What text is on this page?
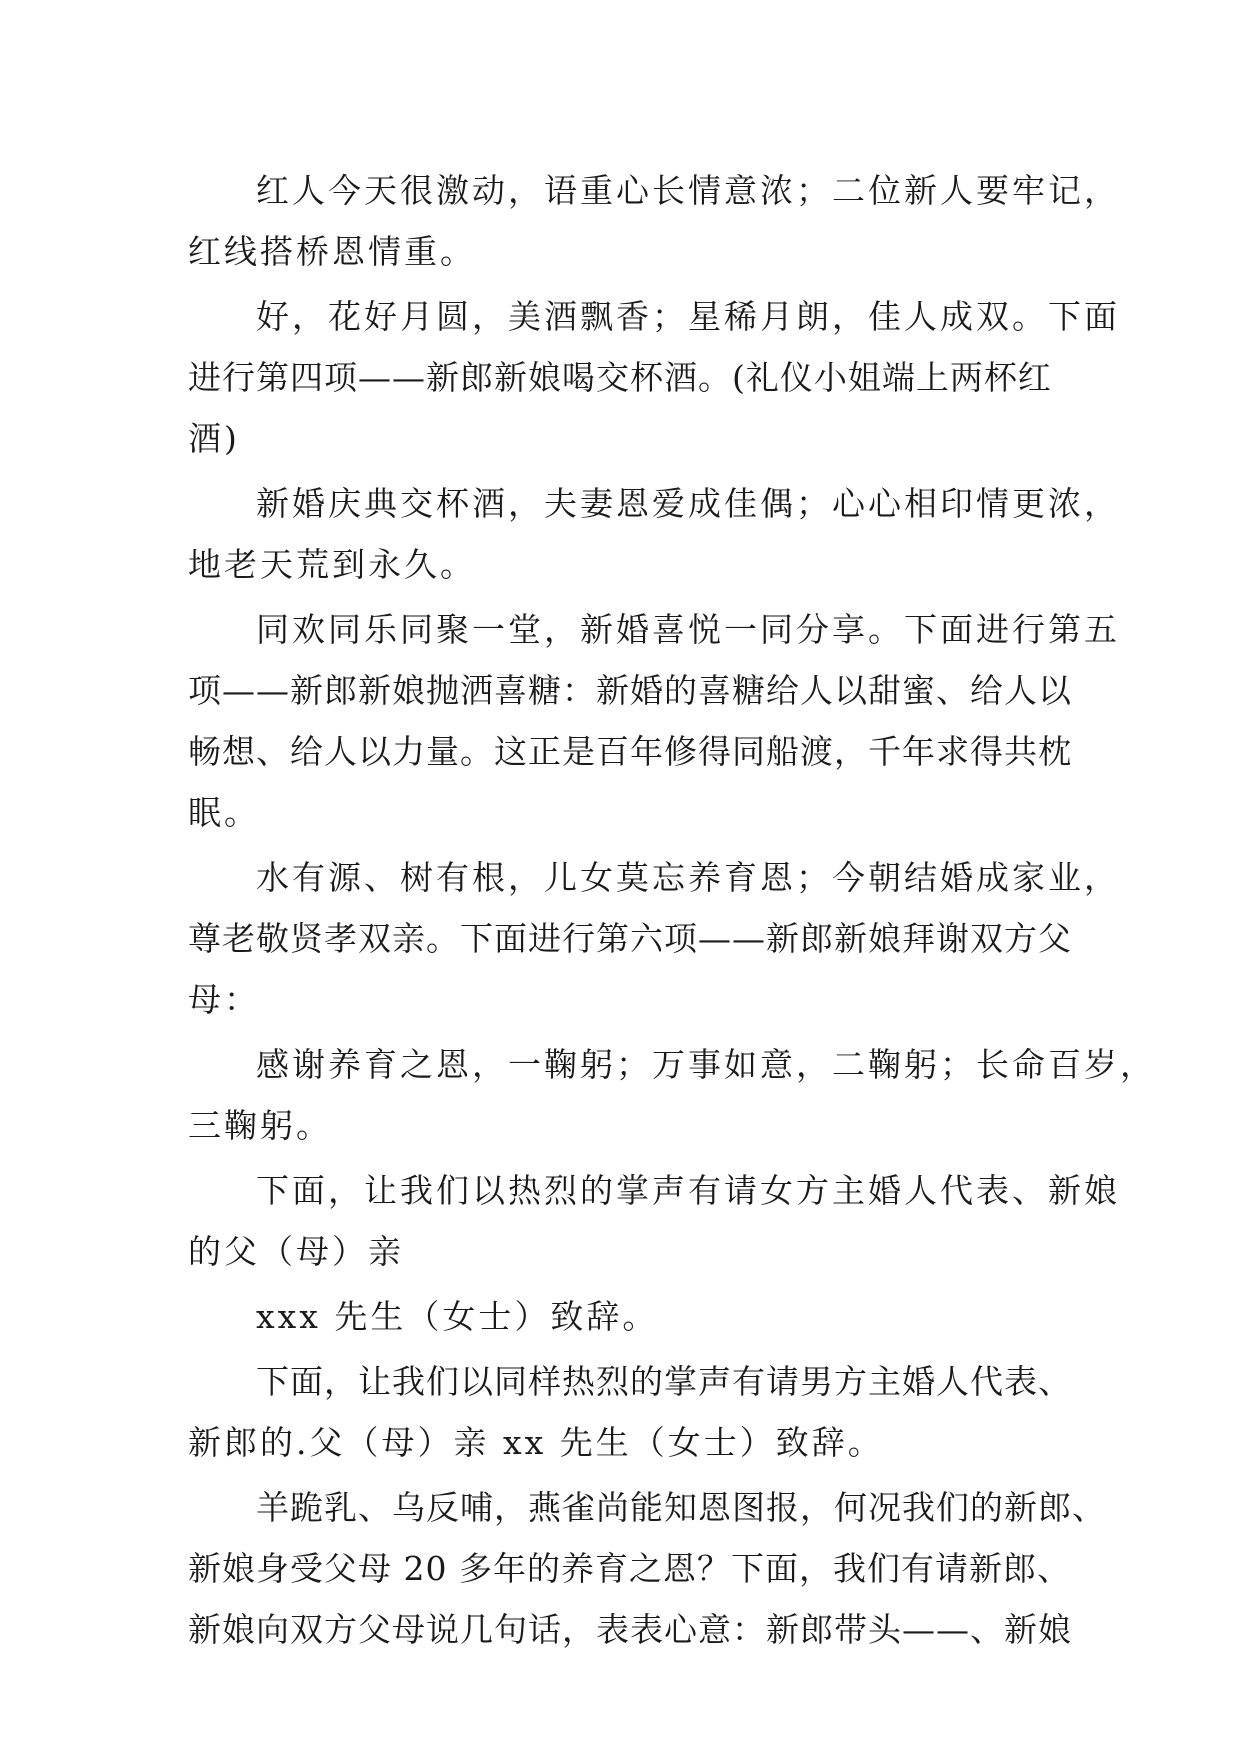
红人今天很激动，语重心长情意浓；二位新人要牢记，
红线搭桥恩情重。
好，花好月圆，美酒飘香；星稀月朗，佳人成双。下面
进行第四项——新郎新娘喝交杯酒。(礼仪小姐端上两杯红
酒)
新婚庆典交杯酒，夫妻恩爱成佳偶；心心相印情更浓，
地老天荒到永久。
同欢同乐同聚一堂，新婚喜悦一同分享。下面进行第五
项——新郎新娘抛洒喜糖：新婚的喜糖给人以甜蜜、给人以
畅想、给人以力量。这正是百年修得同船渡，千年求得共枕
眠。
水有源、树有根，儿女莫忘养育恩；今朝结婚成家业，
尊老敬贤孝双亲。下面进行第六项——新郎新娘拜谢双方父
母：
感谢养育之恩，一鞠躬；万事如意，二鞠躬；长命百岁，
三鞠躬。
下面，让我们以热烈的掌声有请女方主婚人代表、新娘
的父（母）亲
xxx 先生（女士）致辞。
下面，让我们以同样热烈的掌声有请男方主婚人代表、
新郎的.父（母）亲 xx 先生（女士）致辞。
羊跪乳、乌反哺，燕雀尚能知恩图报，何况我们的新郎、
新娘身受父母 20 多年的养育之恩？下面，我们有请新郎、
新娘向双方父母说几句话，表表心意：新郎带头——、新娘
